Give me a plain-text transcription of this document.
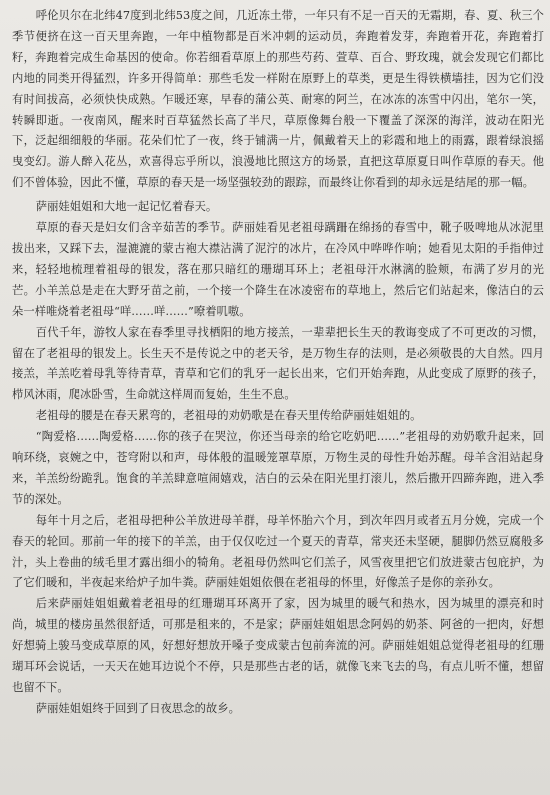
呼伦贝尔在北纬47度到北纬53度之间，几近冻土带，一年只有不足一百天的无霜期，春、夏、秋三个季节便挤在这一百天里奔跑，一年中植物都是百米冲刺的运动员，奔跑着发芽，奔跑着开花，奔跑着打籽，奔跑着完成生命基因的使命。你若细看草原上的那些芍药、萱草、百合、野玫瑰，就会发现它们都比内地的同类开得猛烈，许多开得简单：那些毛发一样附在原野上的草类，更是生得铁横墙挂，因为它们没有时间拔高，必须快快成熟。乍暖还寒，早春的蒲公英、耐寒的阿兰，在冰冻的冻雪中闪出，笔尔一笑，转瞬即逝。一夜南风，醒来时百草猛然长高了半尺，草原像舞台般一下覆盖了深深的海洋，波动在阳光下，泛起细细般的华丽。花朵们忙了一夜，终于铺满一片，佩戴着天上的彩霞和地上的雨露，跟着绿浪摇曳变幻。游人醉入花丛，欢喜得忘乎所以，浪漫地比照这方的场景，直把这草原夏日叫作草原的春天。他们不曾体验，因此不懂，草原的春天是一场坚强较劲的跟踪，而最终让你看到的却永远是结尾的那一幅。

萨丽娃姐姐和大地一起记忆着春天。

草原的春天是妇女们含辛茹苦的季节。萨丽娃看见老祖母蹒跚在绵扬的春雪中，靴子吸啤地从冰泥里拔出来，又踩下去，湿漉漉的蒙古袍大襟沾满了泥泞的冰片，在冷风中哗哗作响；她看见太阳的手指伸过来，轻轻地梳理着祖母的银发，落在那只暗红的珊瑚耳环上；老祖母汗水淋漓的脸颊，布满了岁月的光芒。小羊羔总是走在大野牙苗之前，一个接一个降生在冰凌密布的草地上，然后它们站起来，像洁白的云朵一样唯烧着老祖母“咩……咩……”嘹着叽嗷。

百代千年，游牧人家在春季里寻找栖阳的地方接羔，一辈辈把长生天的教诲变成了不可更改的习惯，留在了老祖母的银发上。长生天不是传说之中的老天爷，是万物生存的法则，是必须敬畏的大自然。四月接羔，羊羔吃着母乳等待青草，青草和它们的乳牙一起长出来，它们开始奔跑，从此变成了原野的孩子，栉风沐雨，爬冰卧雪，生命就这样周而复始，生生不息。

老祖母的腰是在春天累弯的，老祖母的劝奶歌是在春天里传给萨丽娃姐姐的。

“陶爱格……陶爱格……你的孩子在哭泣，你还当母亲的给它吃奶吧……”老祖母的劝奶歌升起来，回响环绕，哀婉之中，苍穹附以和声，母体般的温暖笼罩草原，万物生灵的母性升始苏醒。母羊含泪站起身来，羊羔纷纷跪乳。饱食的羊羔肆意喧闹嬉戏，洁白的云朵在阳光里打滚儿，然后撒开四蹄奔跑，进入季节的深处。

每年十月之后，老祖母把种公羊放进母羊群，母羊怀胎六个月，到次年四月或者五月分娩，完成一个春天的轮回。那前一年的接下的羊羔，由于仅仅吃过一个夏天的青草，常夹还未坚硬，腿脚仍然豆腐般多汁，头上卷曲的绒毛里才露出细小的犄角。老祖母仍然叫它们羔子，风雪夜里把它们放进蒙古包庇护，为了它们暖和，半夜起来给炉子加牛粪。萨丽娃姐姐依偎在老祖母的怀里，好像羔子是你的亲孙女。

后来萨丽娃姐姐戴着老祖母的红珊瑚耳环离开了家，因为城里的暖气和热水，因为城里的漂亮和时尚，城里的楼房虽然很舒适，可那是租来的，不是家；萨丽娃姐姐思念阿妈的奶茶、阿爸的一把肉，好想好想骑上骏马变成草原的风，好想好想放开嗓子变成蒙古包前奔流的河。萨丽娃姐姐总觉得老祖母的红珊瑚耳环会说话，一天天在她耳边说个不停，只是那些古老的话，就像飞来飞去的鸟，有点儿听不懂，想留也留不下。

萨丽娃姐姐终于回到了日夜思念的故乡。
